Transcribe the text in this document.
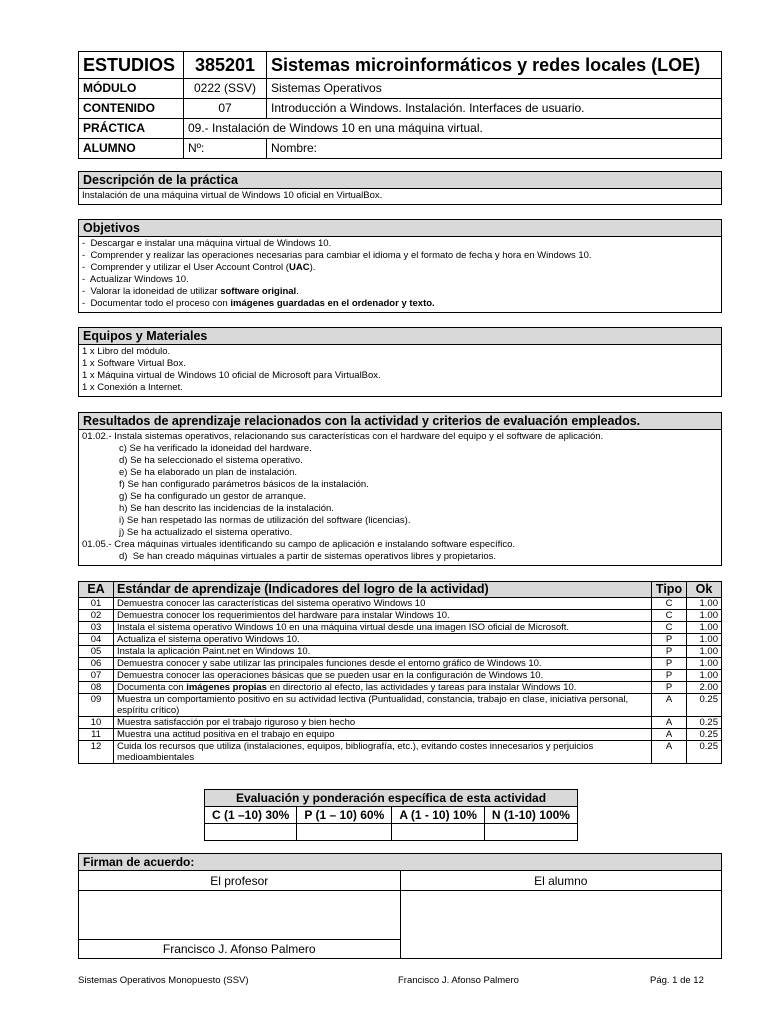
ESTUDIOS	385201	Sistemas microinformáticos y redes locales (LOE)
MÓDULO	0222 (SSV)	Sistemas Operativos
CONTENIDO	07	Introducción a Windows. Instalación. Interfaces de usuario.
PRÁCTICA	09.- Instalación de Windows 10 en una máquina virtual.	
ALUMNO	Nº:	Nombre:
Descripción de la práctica
Instalación de una máquina virtual de Windows 10 oficial en VirtualBox.
Objetivos
-  Descargar e instalar una máquina virtual de Windows 10.
-  Comprender y realizar las operaciones necesarias para cambiar el idioma y el formato de fecha y hora en Windows 10.
-  Comprender y utilizar el User Account Control (UAC).
-  Actualizar Windows 10.
-  Valorar la idoneidad de utilizar software original.
-  Documentar todo el proceso con imágenes guardadas en el ordenador y texto.
Equipos y Materiales
1 x Libro del módulo.
1 x Software Virtual Box.
1 x Máquina virtual de Windows 10 oficial de Microsoft para VirtualBox.
1 x Conexión a Internet.
Resultados de aprendizaje relacionados con la actividad y criterios de evaluación empleados.
01.02.- Instala sistemas operativos, relacionando sus características con el hardware del equipo y el software de aplicación.
c) Se ha verificado la idoneidad del hardware.
d) Se ha seleccionado el sistema operativo.
e) Se ha elaborado un plan de instalación.
f) Se han configurado parámetros básicos de la instalación.
g) Se ha configurado un gestor de arranque.
h) Se han descrito las incidencias de la instalación.
i) Se han respetado las normas de utilización del software (licencias).
j) Se ha actualizado el sistema operativo.
01.05.- Crea máquinas virtuales identificando su campo de aplicación e instalando software específico.
d)  Se han creado máquinas virtuales a partir de sistemas operativos libres y propietarios.
EA	Estándar de aprendizaje (Indicadores del logro de la actividad)	Tipo	Ok
01	Demuestra conocer las características del sistema operativo Windows 10	C	1.00
02	Demuestra conocer los requerimientos del hardware para instalar Windows 10.	C	1.00
03	Instala el sistema operativo Windows 10 en una máquina virtual desde una imagen ISO oficial de Microsoft.	C	1.00
04	Actualiza el sistema operativo Windows 10.	P	1.00
05	Instala la aplicación Paint.net en Windows 10.	P	1.00
06	Demuestra conocer y sabe utilizar las principales funciones desde el entorno gráfico de Windows 10.	P	1.00
07	Demuestra conocer las operaciones básicas que se pueden usar en la configuración de Windows 10.	P	1.00
08	Documenta con imágenes propias en directorio al efecto, las actividades y tareas para instalar Windows 10.	P	2.00
09	Muestra un comportamiento positivo en su actividad lectiva (Puntualidad, constancia, trabajo en clase, iniciativa personal, espíritu crítico)	A	0.25
10	Muestra satisfacción por el trabajo riguroso y bien hecho	A	0.25
11	Muestra una actitud positiva en el trabajo en equipo	A	0.25
12	Cuida los recursos que utiliza (instalaciones, equipos, bibliografía, etc.), evitando costes innecesarios y perjuicios medioambientales	A	0.25
Evaluación y ponderación específica de esta actividad			
C (1 –10) 30%	P (1 – 10) 60%	A (1 - 10) 10%	N (1-10) 100%

Firman de acuerdo:	
El profesor	El alumno

Francisco J. Afonso Palmero	
Sistemas Operativos Monopuesto (SSV)	Francisco J. Afonso Palmero	Pág. 1 de 12
